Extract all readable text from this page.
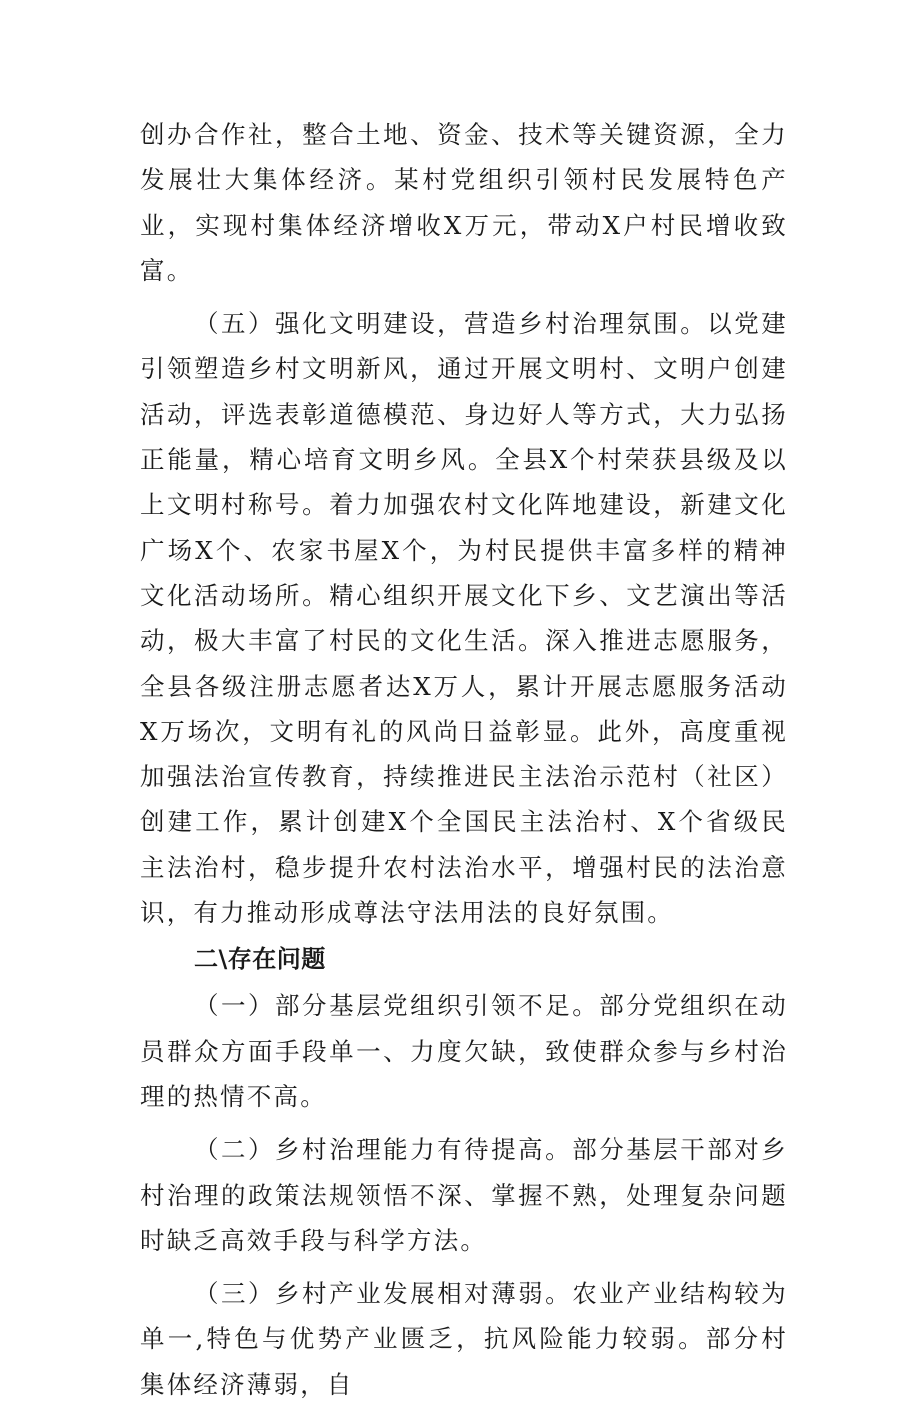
创办合作社，整合土地、资金、技术等关键资源，全力发展壮大集体经济。某村党组织引领村民发展特色产业，实现村集体经济增收X万元，带动X户村民增收致富。

（五）强化文明建设，营造乡村治理氛围。以党建引领塑造乡村文明新风，通过开展文明村、文明户创建活动，评选表彰道德模范、身边好人等方式，大力弘扬正能量，精心培育文明乡风。全县X个村荣获县级及以上文明村称号。着力加强农村文化阵地建设，新建文化广场X个、农家书屋X个，为村民提供丰富多样的精神文化活动场所。精心组织开展文化下乡、文艺演出等活动，极大丰富了村民的文化生活。深入推进志愿服务，全县各级注册志愿者达X万人，累计开展志愿服务活动X万场次，文明有礼的风尚日益彰显。此外，高度重视加强法治宣传教育，持续推进民主法治示范村（社区）创建工作，累计创建X个全国民主法治村、X个省级民主法治村，稳步提升农村法治水平，增强村民的法治意识，有力推动形成尊法守法用法的良好氛围。

二\存在问题

（一）部分基层党组织引领不足。部分党组织在动员群众方面手段单一、力度欠缺，致使群众参与乡村治理的热情不高。

（二）乡村治理能力有待提高。部分基层干部对乡村治理的政策法规领悟不深、掌握不熟，处理复杂问题时缺乏高效手段与科学方法。

（三）乡村产业发展相对薄弱。农业产业结构较为单一,特色与优势产业匮乏，抗风险能力较弱。部分村集体经济薄弱，自
